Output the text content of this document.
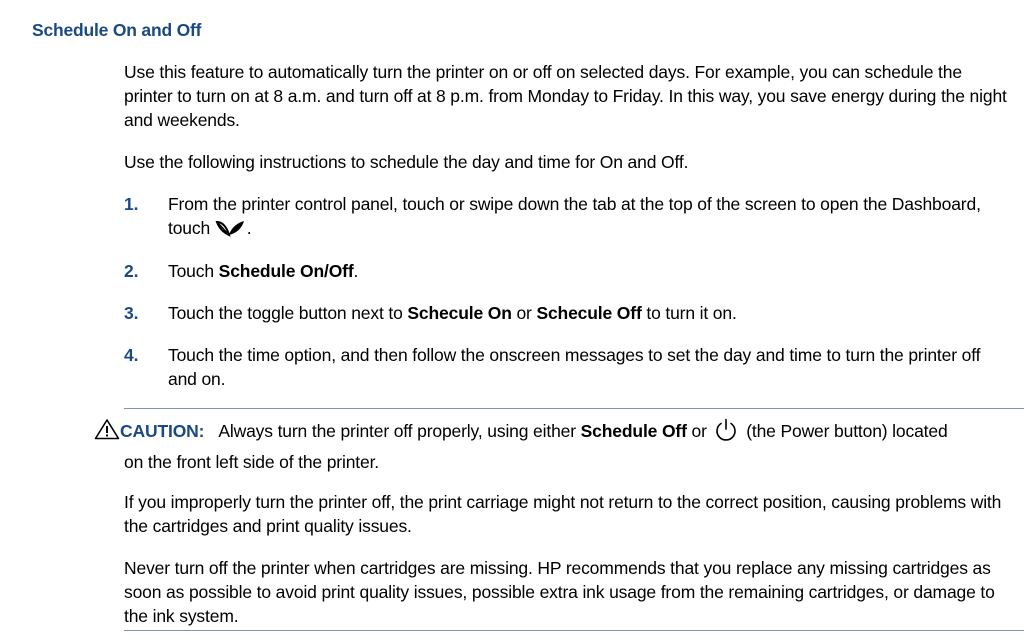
Schedule On and Off
Use this feature to automatically turn the printer on or off on selected days. For example, you can schedule the printer to turn on at 8 a.m. and turn off at 8 p.m. from Monday to Friday. In this way, you save energy during the night and weekends.
Use the following instructions to schedule the day and time for On and Off.
1. From the printer control panel, touch or swipe down the tab at the top of the screen to open the Dashboard, touch .
2. Touch Schedule On/Off.
3. Touch the toggle button next to Schecule On or Schecule Off to turn it on.
4. Touch the time option, and then follow the onscreen messages to set the day and time to turn the printer off and on.
CAUTION: Always turn the printer off properly, using either Schedule Off or  (the Power button) located
on the front left side of the printer.
If you improperly turn the printer off, the print carriage might not return to the correct position, causing problems with the cartridges and print quality issues.
Never turn off the printer when cartridges are missing. HP recommends that you replace any missing cartridges as soon as possible to avoid print quality issues, possible extra ink usage from the remaining cartridges, or damage to the ink system.
